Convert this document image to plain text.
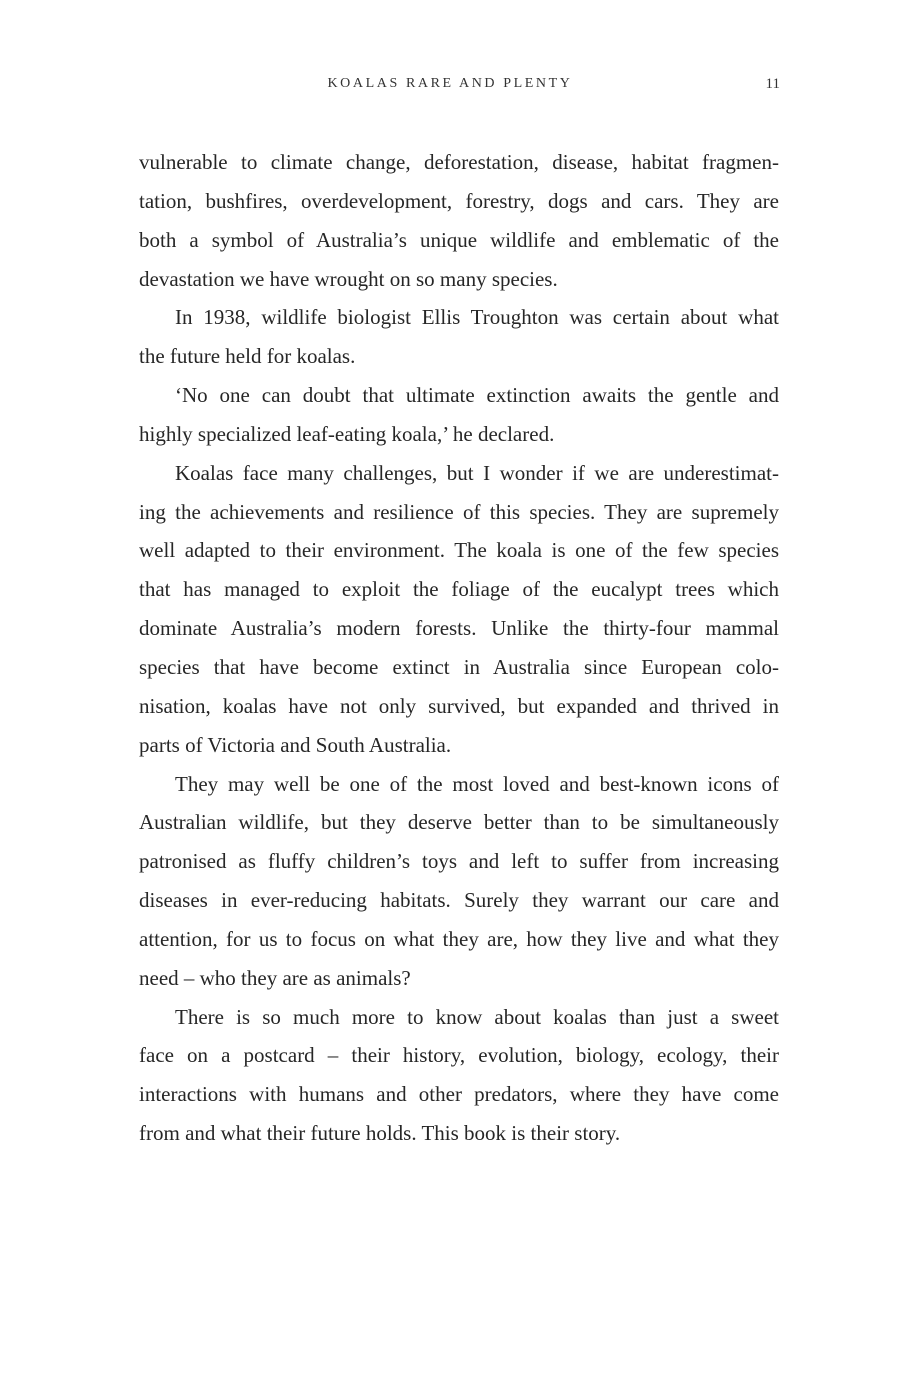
KOALAS RARE AND PLENTY	11
vulnerable to climate change, deforestation, disease, habitat fragmen-
tation, bushfires, overdevelopment, forestry, dogs and cars. They are
both a symbol of Australia’s unique wildlife and emblematic of the
devastation we have wrought on so many species.
In 1938, wildlife biologist Ellis Troughton was certain about what
the future held for koalas.
‘No one can doubt that ultimate extinction awaits the gentle and
highly specialized leaf-eating koala,’ he declared.
Koalas face many challenges, but I wonder if we are underestimat-
ing the achievements and resilience of this species. They are supremely
well adapted to their environment. The koala is one of the few species
that has managed to exploit the foliage of the eucalypt trees which
dominate Australia’s modern forests. Unlike the thirty-four mammal
species that have become extinct in Australia since European colo-
nisation, koalas have not only survived, but expanded and thrived in
parts of Victoria and South Australia.
They may well be one of the most loved and best-known icons of
Australian wildlife, but they deserve better than to be simultaneously
patronised as fluffy children’s toys and left to suffer from increasing
diseases in ever-reducing habitats. Surely they warrant our care and
attention, for us to focus on what they are, how they live and what they
need – who they are as animals?
There is so much more to know about koalas than just a sweet
face on a postcard – their history, evolution, biology, ecology, their
interactions with humans and other predators, where they have come
from and what their future holds. This book is their story.
